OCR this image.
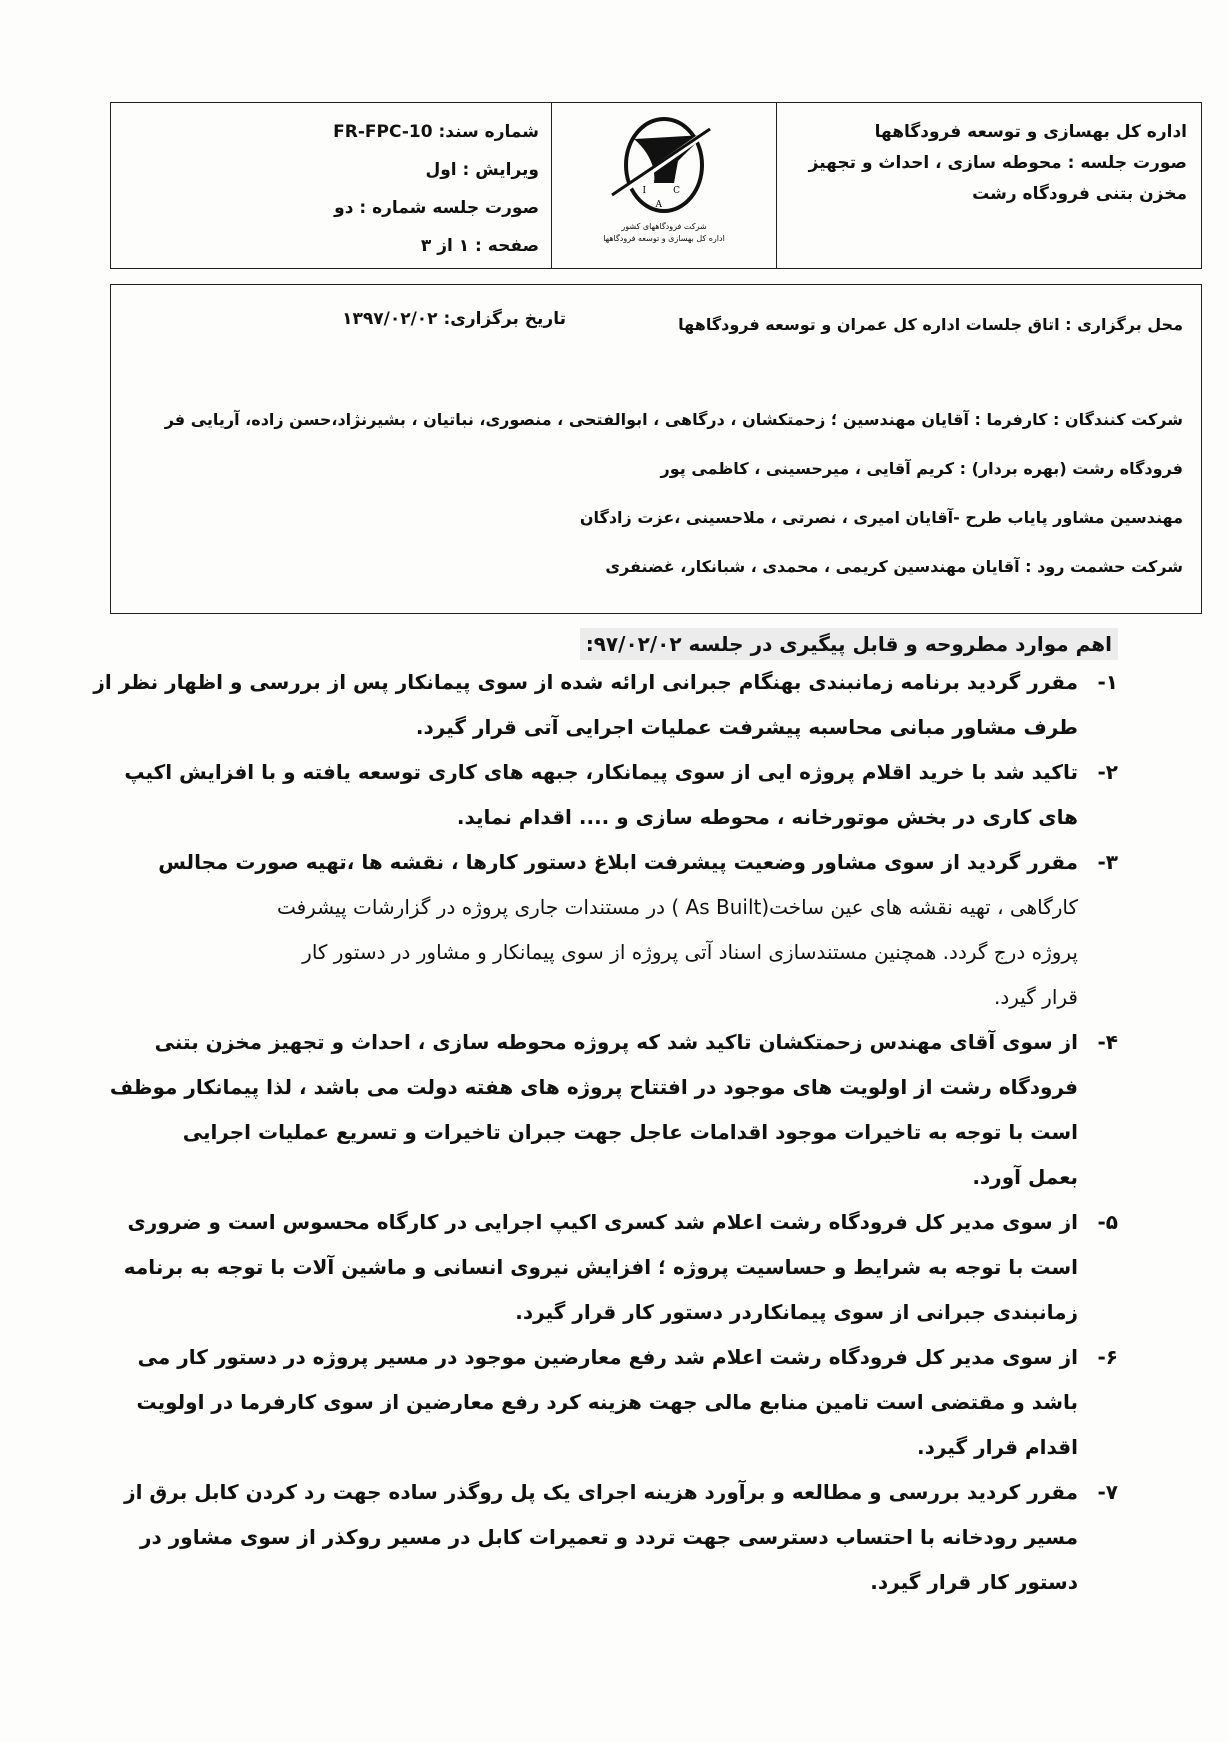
اداره کل بهسازی و توسعه فرودگاهها
صورت جلسه : محوطه سازی ، احداث و تجهیز
مخزن بتنی فرودگاه رشت
I
A
C
شرکت فرودگاههای کشور
اداره کل بهسازی و توسعه فرودگاهها
شماره سند: FR-FPC-10
ویرایش : اول
صورت جلسه شماره : دو
صفحه : ۱ از ۳
محل برگزاری : اتاق جلسات اداره کل عمران و توسعه فرودگاهها
تاریخ برگزاری: ۱۳۹۷/۰۲/۰۲
شرکت کنندگان : کارفرما : آقایان مهندسین ؛ زحمتکشان ، درگاهی ، ابوالفتحی ، منصوری، نباتیان ، بشیرنژاد،حسن زاده، آریایی فر
فرودگاه رشت (بهره بردار) : کریم آقایی ، میرحسینی ، کاظمی پور
مهندسین مشاور پایاب طرح -آقایان امیری ، نصرتی ، ملاحسینی ،عزت زادگان
شرکت حشمت رود : آقایان مهندسین کریمی ، محمدی ، شبانکار، غضنفری
اهم موارد مطروحه و قابل پیگیری در جلسه ۹۷/۰۲/۰۲:
۱-مقرر گردید برنامه زمانبندی بهنگام جبرانی ارائه شده از سوی پیمانکار پس از بررسی و اظهار نظر از
طرف مشاور مبانی محاسبه پیشرفت عملیات اجرایی آتی قرار گیرد.
۲-تاکید شد با خرید اقلام پروژه ایی از سوی پیمانکار، جبهه های کاری توسعه یافته و با افزایش اکیپ
های کاری در بخش موتورخانه ، محوطه سازی و .... اقدام نماید.
۳-مقرر گردید از سوی مشاور وضعیت پیشرفت ابلاغ دستور کارها ، نقشه ها ،تهیه صورت مجالس
کارگاهی ، تهیه نقشه های عین ساخت(As Built ) در مستندات جاری پروژه در گزارشات پیشرفت
پروژه درج گردد. همچنین مستندسازی اسناد آتی پروژه از سوی پیمانکار و مشاور در دستور کار
قرار گیرد.
۴-از سوی آقای مهندس زحمتکشان تاکید شد که پروژه محوطه سازی ، احداث و تجهیز مخزن بتنی
فرودگاه رشت از اولویت های موجود در افتتاح پروژه های هفته دولت می باشد ، لذا پیمانکار موظف
است با توجه به تاخیرات موجود اقدامات عاجل جهت جبران تاخیرات و تسریع عملیات اجرایی
بعمل آورد.
۵-از سوی مدیر کل فرودگاه رشت اعلام شد کسری اکیپ اجرایی در کارگاه محسوس است و ضروری
است با توجه به شرایط و حساسیت پروژه ؛ افزایش نیروی انسانی و ماشین آلات با توجه به برنامه
زمانبندی جبرانی از سوی پیمانکاردر دستور کار قرار گیرد.
۶-از سوی مدیر کل فرودگاه رشت اعلام شد رفع معارضین موجود در مسیر پروژه در دستور کار می
باشد و مقتضی است تامین منابع مالی جهت هزینه کرد رفع معارضین از سوی کارفرما در اولویت
اقدام قرار گیرد.
۷-مقرر کردید بررسی و مطالعه و برآورد هزینه اجرای یک پل روگذر ساده جهت رد کردن کابل برق از
مسیر رودخانه با احتساب دسترسی جهت تردد و تعمیرات کابل در مسیر روکذر از سوی مشاور در
دستور کار قرار گیرد.
